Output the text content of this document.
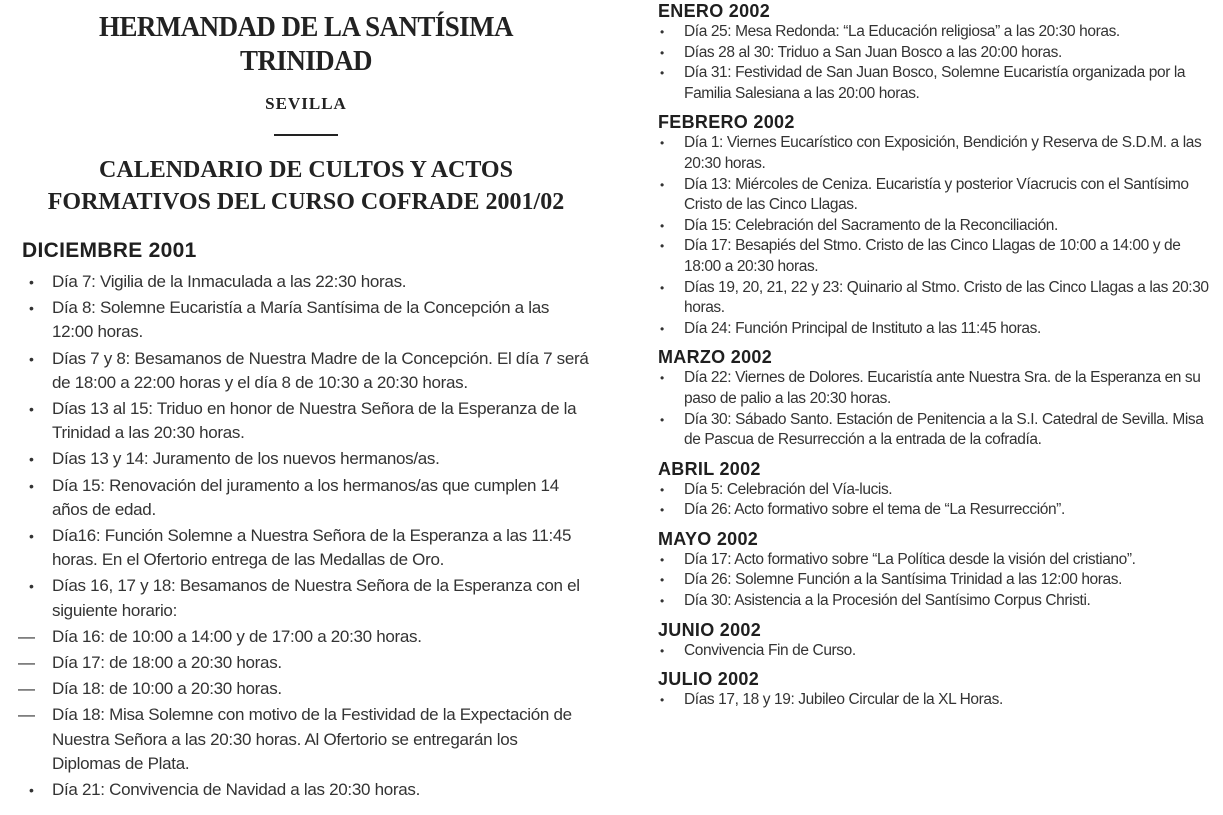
HERMANDAD DE LA SANTÍSIMA TRINIDAD
SEVILLA
CALENDARIO DE CULTOS Y ACTOS
FORMATIVOS DEL CURSO COFRADE 2001/02
DICIEMBRE 2001
• Día 7: Vigilia de la Inmaculada a las 22:30 horas.
• Día 8: Solemne Eucaristía a María Santísima de la Concepción a las 12:00 horas.
• Días 7 y 8: Besamanos de Nuestra Madre de la Concepción. El día 7 será de 18:00 a 22:00 horas y el día 8 de 10:30 a 20:30 horas.
• Días 13 al 15: Triduo en honor de Nuestra Señora de la Esperanza de la Trinidad a las 20:30 horas.
• Días 13 y 14: Juramento de los nuevos hermanos/as.
• Día 15: Renovación del juramento a los hermanos/as que cumplen 14 años de edad.
• Día16: Función Solemne a Nuestra Señora de la Esperanza a las 11:45 horas. En el Ofertorio entrega de las Medallas de Oro.
• Días 16, 17 y 18: Besamanos de Nuestra Señora de la Esperanza con el siguiente horario:
— Día 16: de 10:00 a 14:00 y de 17:00 a 20:30 horas.
— Día 17: de 18:00 a 20:30 horas.
— Día 18: de 10:00 a 20:30 horas.
— Día 18: Misa Solemne con motivo de la Festividad de la Expectación de Nuestra Señora a las 20:30 horas. Al Ofertorio se entregarán los Diplomas de Plata.
• Día 21: Convivencia de Navidad a las 20:30 horas.
ENERO 2002
• Día 25: Mesa Redonda: “La Educación religiosa” a las 20:30 horas.
• Días 28 al 30: Triduo a San Juan Bosco a las 20:00 horas.
• Día 31: Festividad de San Juan Bosco, Solemne Eucaristía organizada por la Familia Salesiana a las 20:00 horas.
FEBRERO 2002
• Día 1: Viernes Eucarístico con Exposición, Bendición y Reserva de S.D.M. a las 20:30 horas.
• Día 13: Miércoles de Ceniza. Eucaristía y posterior Víacrucis con el Santísimo Cristo de las Cinco Llagas.
• Día 15: Celebración del Sacramento de la Reconciliación.
• Día 17: Besapiés del Stmo. Cristo de las Cinco Llagas de 10:00 a 14:00 y de 18:00 a 20:30 horas.
• Días 19, 20, 21, 22 y 23: Quinario al Stmo. Cristo de las Cinco Llagas a las 20:30 horas.
• Día 24: Función Principal de Instituto a las 11:45 horas.
MARZO 2002
• Día 22: Viernes de Dolores. Eucaristía ante Nuestra Sra. de la Esperanza en su paso de palio a las 20:30 horas.
• Día 30: Sábado Santo. Estación de Penitencia a la S.I. Catedral de Sevilla. Misa de Pascua de Resurrección a la entrada de la cofradía.
ABRIL 2002
• Día 5: Celebración del Vía-lucis.
• Día 26: Acto formativo sobre el tema de “La Resurrección”.
MAYO 2002
• Día 17: Acto formativo sobre “La Política desde la visión del cristiano”.
• Día 26: Solemne Función a la Santísima Trinidad a las 12:00 horas.
• Día 30: Asistencia a la Procesión del Santísimo Corpus Christi.
JUNIO 2002
• Convivencia Fin de Curso.
JULIO 2002
• Días 17, 18 y 19: Jubileo Circular de la XL Horas.
